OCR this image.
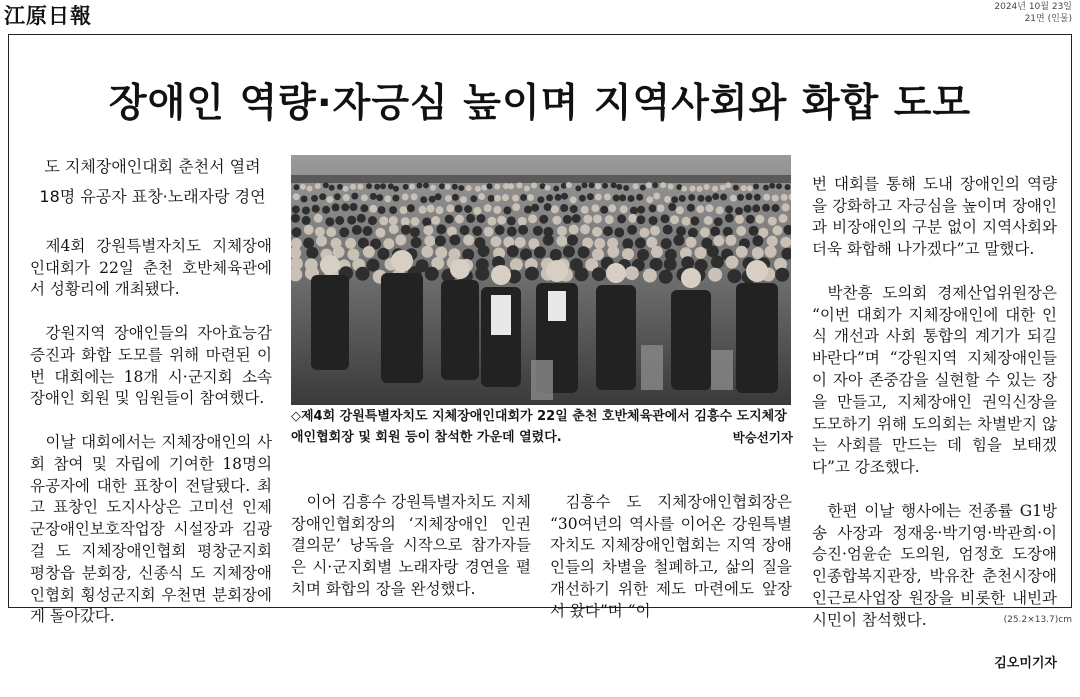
江原日報	2024년 10월 23일
21면 (인물)
장애인 역량·자긍심 높이며 지역사회와 화합 도모
도 지체장애인대회 춘천서 열려
18명 유공자 표창·노래자랑 경연

제4회 강원특별자치도 지체장애인대회가 22일 춘천 호반체육관에서 성황리에 개최됐다.

강원지역 장애인들의 자아효능감 증진과 화합 도모를 위해 마련된 이번 대회에는 18개 시·군지회 소속 장애인 회원 및 임원들이 참여했다.

이날 대회에서는 지체장애인의 사회 참여 및 자립에 기여한 18명의 유공자에 대한 표창이 전달됐다. 최고 표창인 도지사상은 고미선 인제군장애인보호작업장 시설장과 김광걸 도 지체장애인협회 평창군지회 평창읍 분회장, 신종식 도 지체장애인협회 횡성군지회 우천면 분회장에게 돌아갔다.

◇제4회 강원특별자치도 지체장애인대회가 22일 춘천 호반체육관에서 김흥수 도지체장애인협회장 및 회원 등이 참석한 가운데 열렸다.	박승선기자

이어 김흥수 강원특별자치도 지체장애인협회장의 ‘지체장애인 인권 결의문’ 낭독을 시작으로 참가자들은 시·군지회별 노래자랑 경연을 펼치며 화합의 장을 완성했다.

김흥수 도 지체장애인협회장은 “30여년의 역사를 이어온 강원특별자치도 지체장애인협회는 지역 장애인들의 차별을 철폐하고, 삶의 질을 개선하기 위한 제도 마련에도 앞장서 왔다”며 “이

번 대회를 통해 도내 장애인의 역량을 강화하고 자긍심을 높이며 장애인과 비장애인의 구분 없이 지역사회와 더욱 화합해 나가겠다”고 말했다.

박찬흥 도의회 경제산업위원장은 “이번 대회가 지체장애인에 대한 인식 개선과 사회 통합의 계기가 되길 바란다”며 “강원지역 지체장애인들이 자아 존중감을 실현할 수 있는 장을 만들고, 지체장애인 권익신장을 도모하기 위해 도의회는 차별받지 않는 사회를 만드는 데 힘을 보태겠다”고 강조했다.

한편 이날 행사에는 전종률 G1방송 사장과 정재웅·박기영·박관희·이승진·엄윤순 도의원, 엄정호 도장애인종합복지관장, 박유찬 춘천시장애인근로사업장 원장을 비롯한 내빈과 시민이 참석했다.

김오미기자

(25.2×13.7)cm
